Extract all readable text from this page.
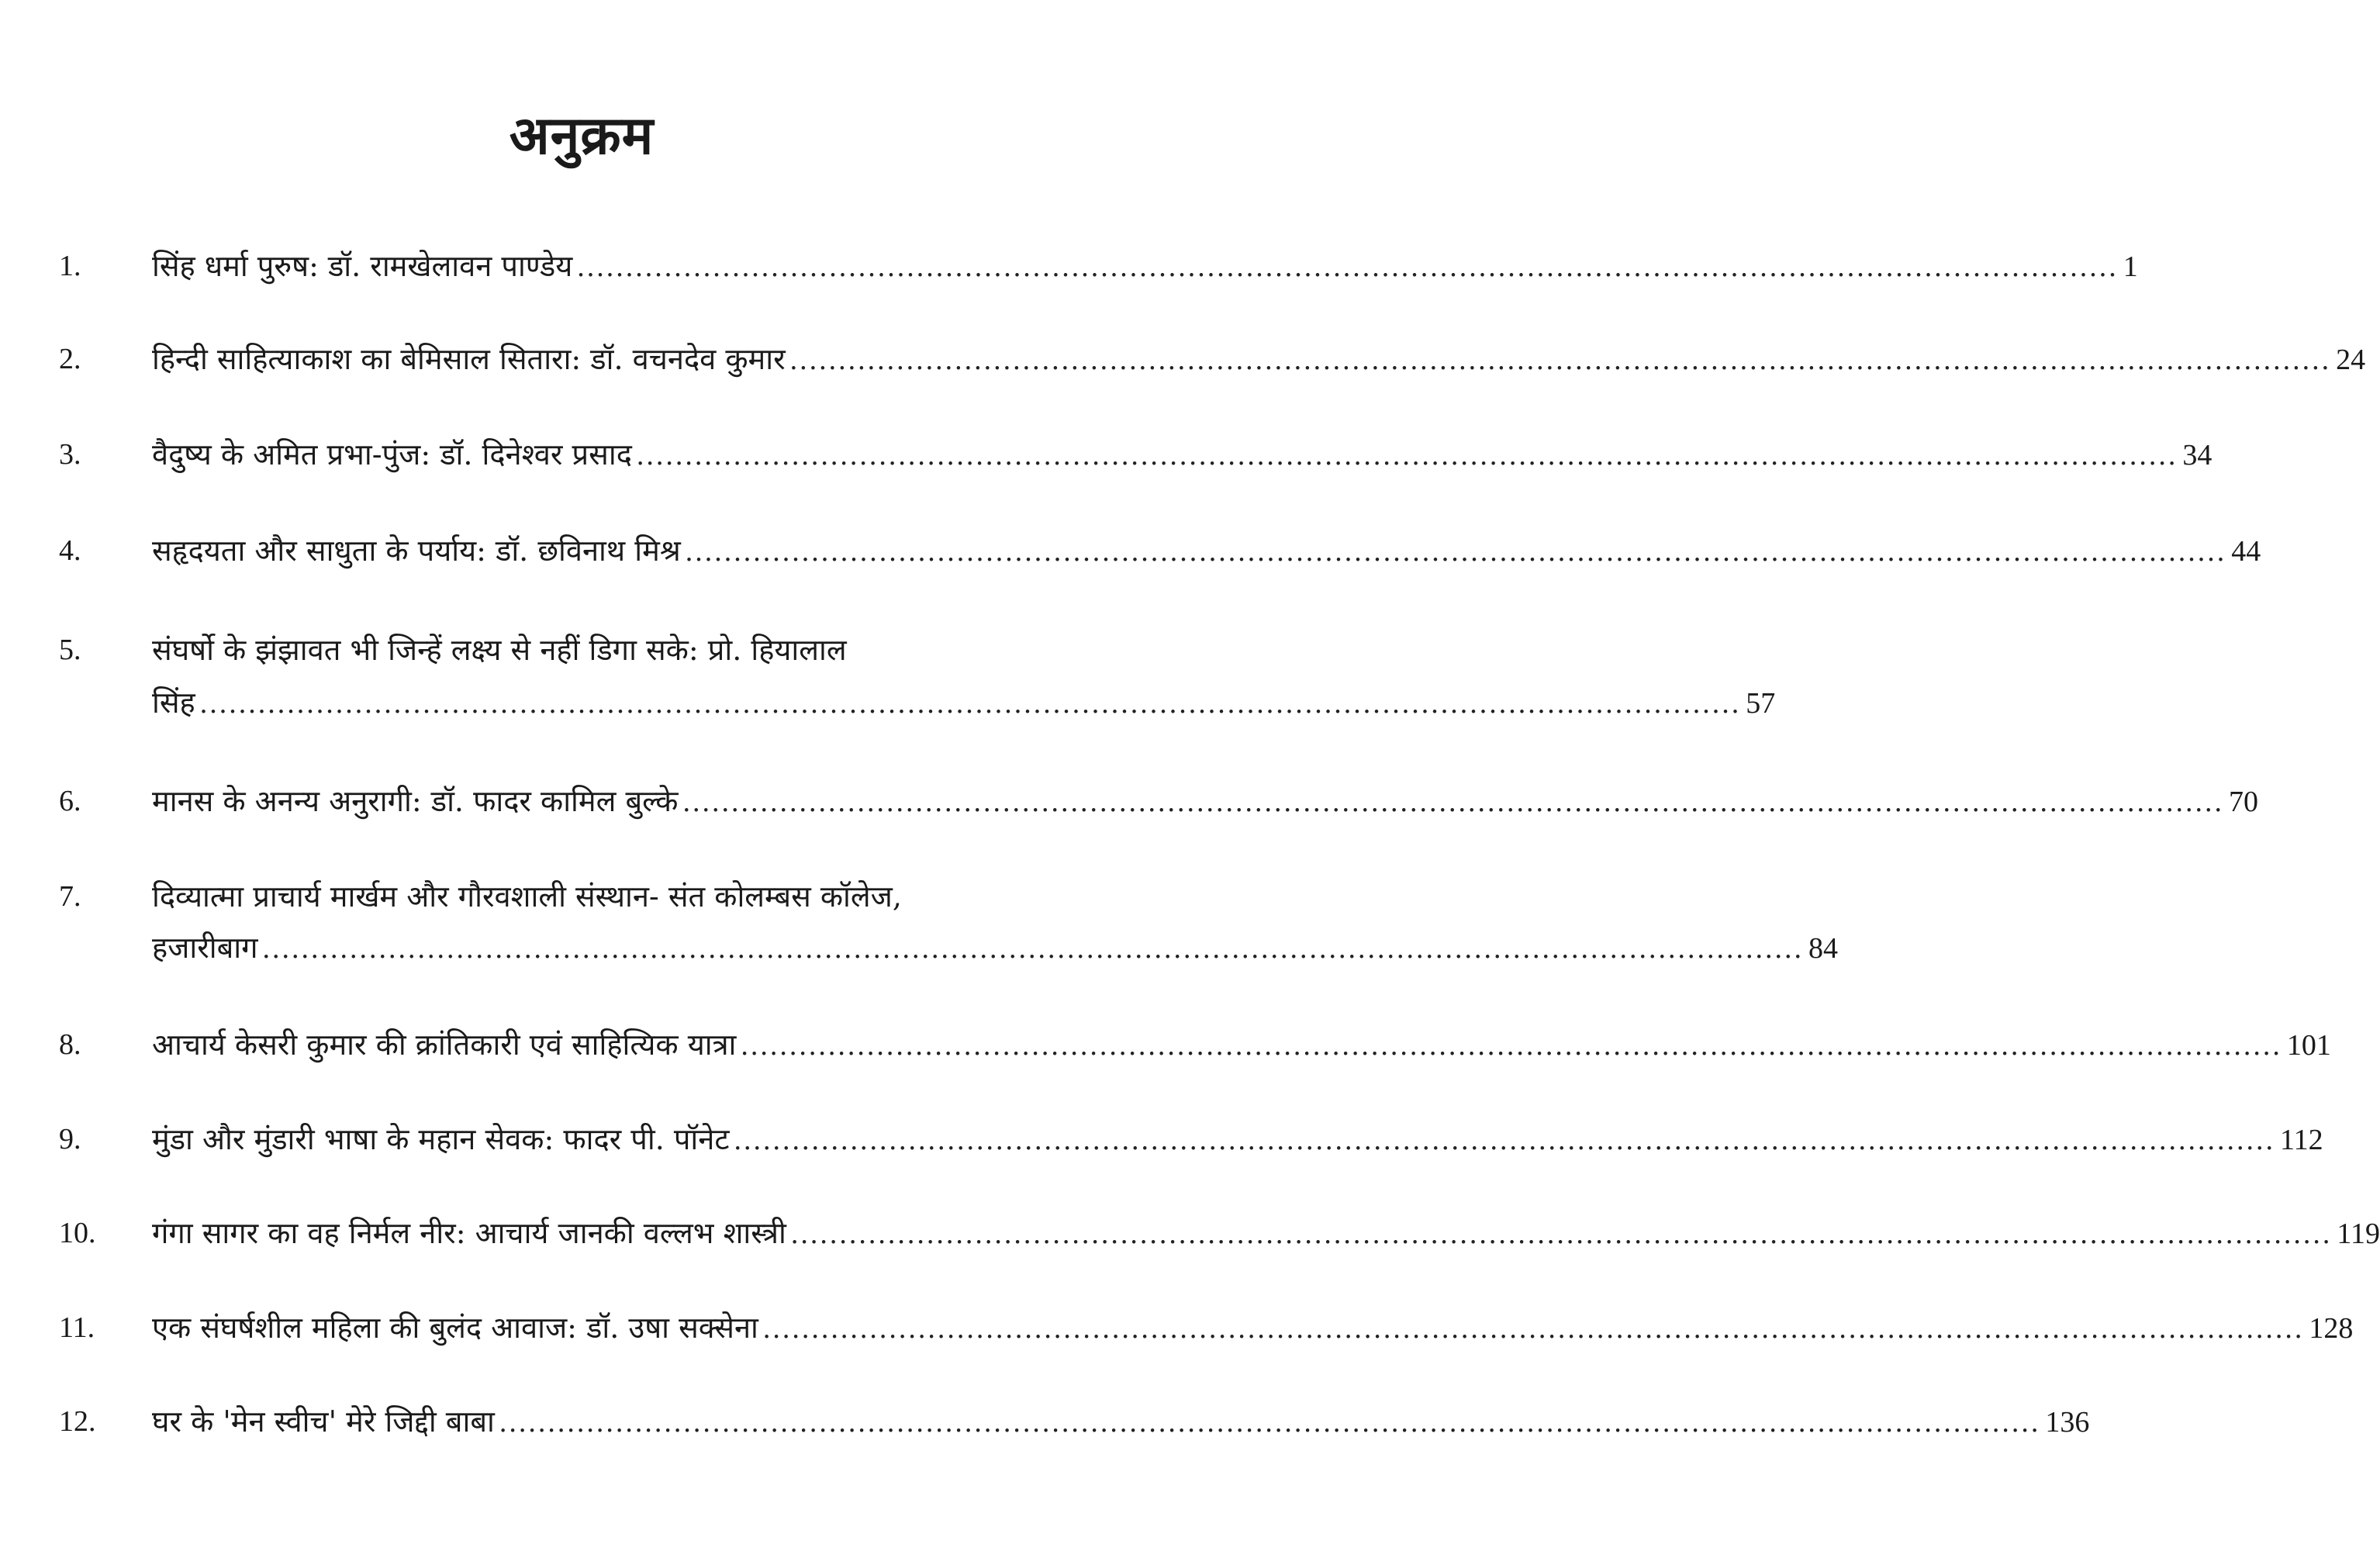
अनुक्रम
1. सिंह धर्मा पुरुष: डॉ. रामखेलावन पाण्डेय .....	1
2. हिन्दी साहित्याकाश का बेमिसाल सितारा: डॉ. वचनदेव कुमार .....	24
3. वैदुष्य के अमित प्रभा-पुंज: डॉ. दिनेश्वर प्रसाद .....	34
4. सहृदयता और साधुता के पर्याय: डॉ. छविनाथ मिश्र .....	44
5. संघर्षो के झंझावत भी जिन्हें लक्ष्य से नहीं डिगा सके: प्रो. हियालाल
सिंह .....	57
6. मानस के अनन्य अनुरागी: डॉ. फादर कामिल बुल्के .....	70
7. दिव्यात्मा प्राचार्य मार्खम और गौरवशाली संस्थान- संत कोलम्बस कॉलेज,
हजारीबाग .....	84
8. आचार्य केसरी कुमार की क्रांतिकारी एवं साहित्यिक यात्रा .....	101
9. मुंडा और मुंडारी भाषा के महान सेवक: फादर पी. पॉनेट .....	112
10. गंगा सागर का वह निर्मल नीर: आचार्य जानकी वल्लभ शास्त्री .....	119
11. एक संघर्षशील महिला की बुलंद आवाज: डॉ. उषा सक्सेना .....	128
12. घर के 'मेन स्वीच' मेरे जिद्दी बाबा .....	136
